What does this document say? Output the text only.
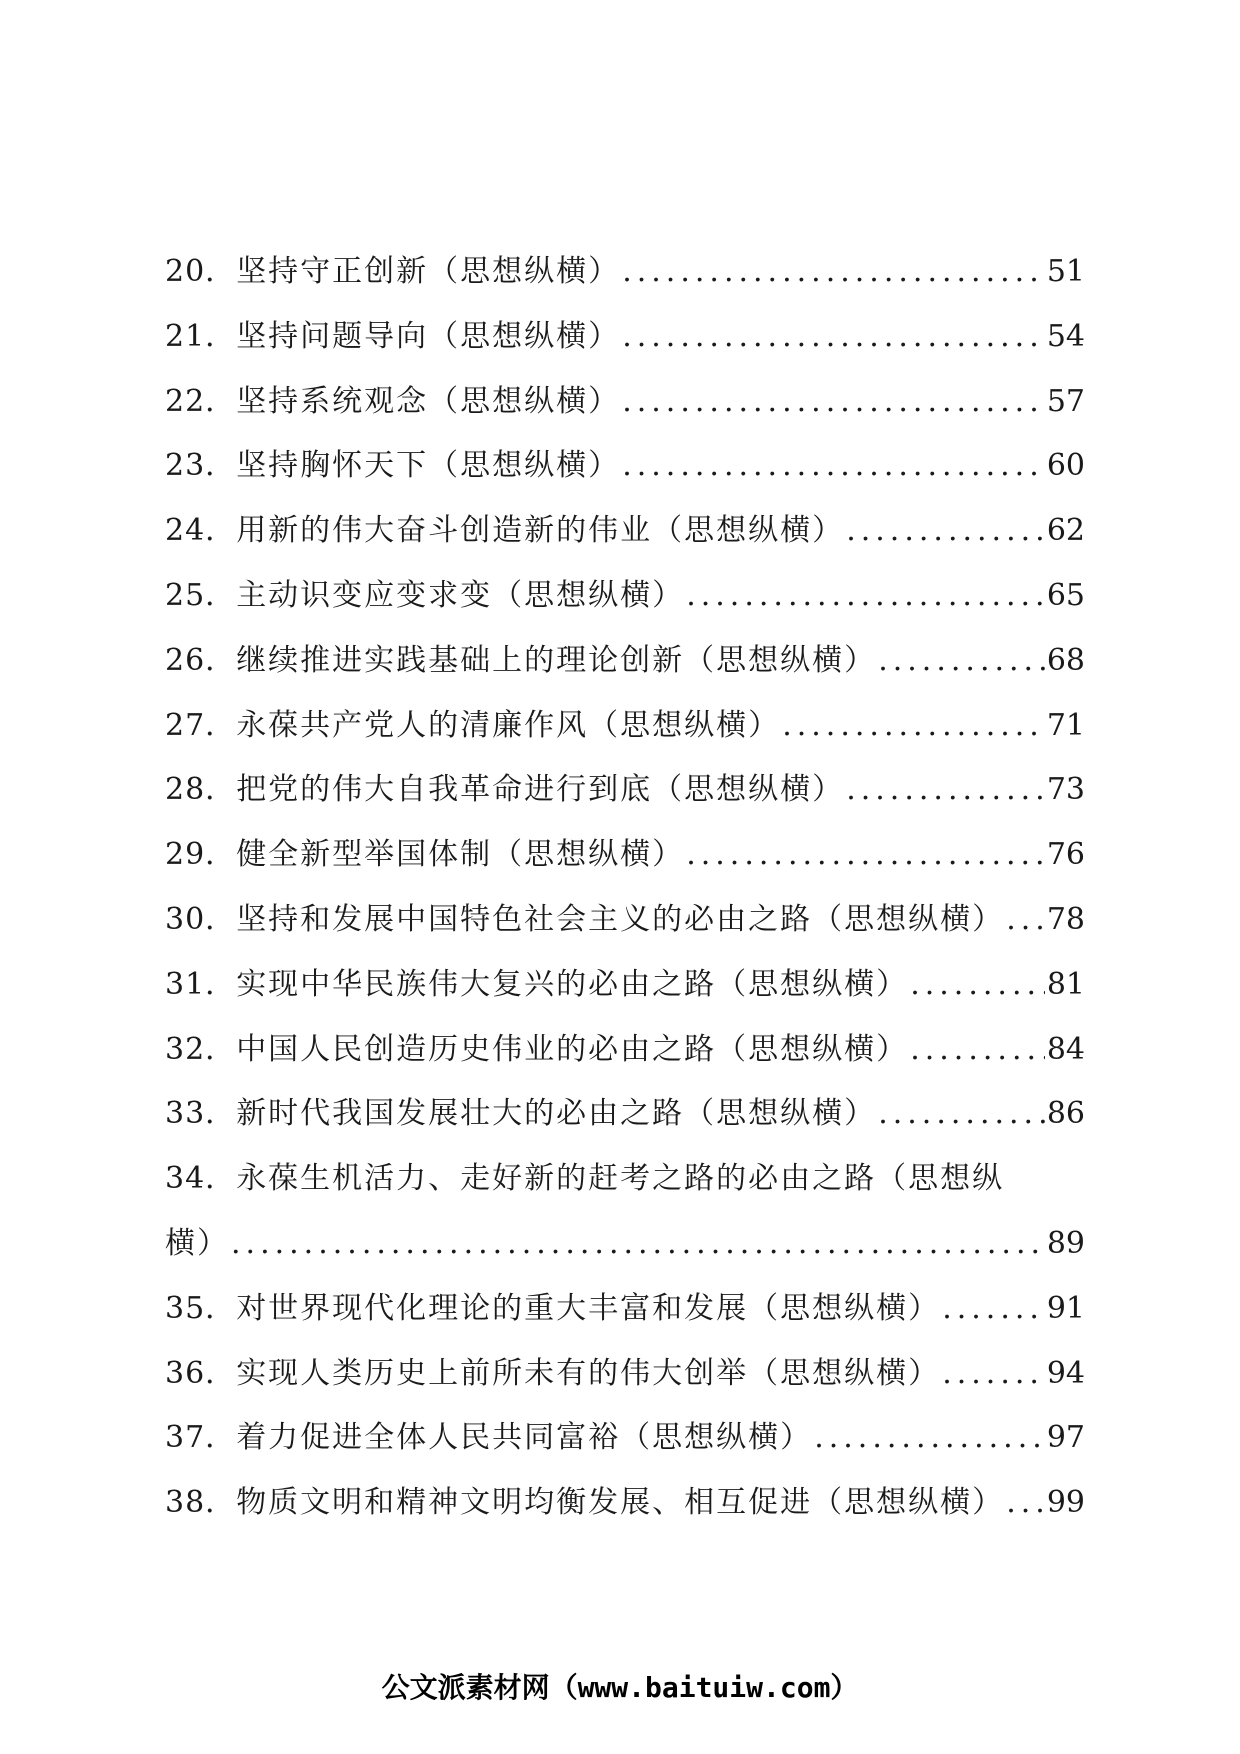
20． 坚持守正创新（思想纵横） .....	51
21． 坚持问题导向（思想纵横） .....	54
22． 坚持系统观念（思想纵横） .....	57
23． 坚持胸怀天下（思想纵横） .....	60
24． 用新的伟大奋斗创造新的伟业（思想纵横） .....	62
25． 主动识变应变求变（思想纵横） .....	65
26． 继续推进实践基础上的理论创新（思想纵横） .....	68
27． 永葆共产党人的清廉作风（思想纵横） .....	71
28． 把党的伟大自我革命进行到底（思想纵横） .....	73
29． 健全新型举国体制（思想纵横） .....	76
30． 坚持和发展中国特色社会主义的必由之路（思想纵横） ..... 78
31． 实现中华民族伟大复兴的必由之路（思想纵横） .....	81
32． 中国人民创造历史伟业的必由之路（思想纵横） .....	84
33． 新时代我国发展壮大的必由之路（思想纵横） .....	86
34．永葆生机活力、走好新的赶考之路的必由之路（思想纵
横） .....	89
35． 对世界现代化理论的重大丰富和发展（思想纵横） .....	91
36． 实现人类历史上前所未有的伟大创举（思想纵横） .....	94
37． 着力促进全体人民共同富裕（思想纵横） .....	97
38． 物质文明和精神文明均衡发展、相互促进（思想纵横） ..... 99
公文派素材网（www.baituiw.com）
